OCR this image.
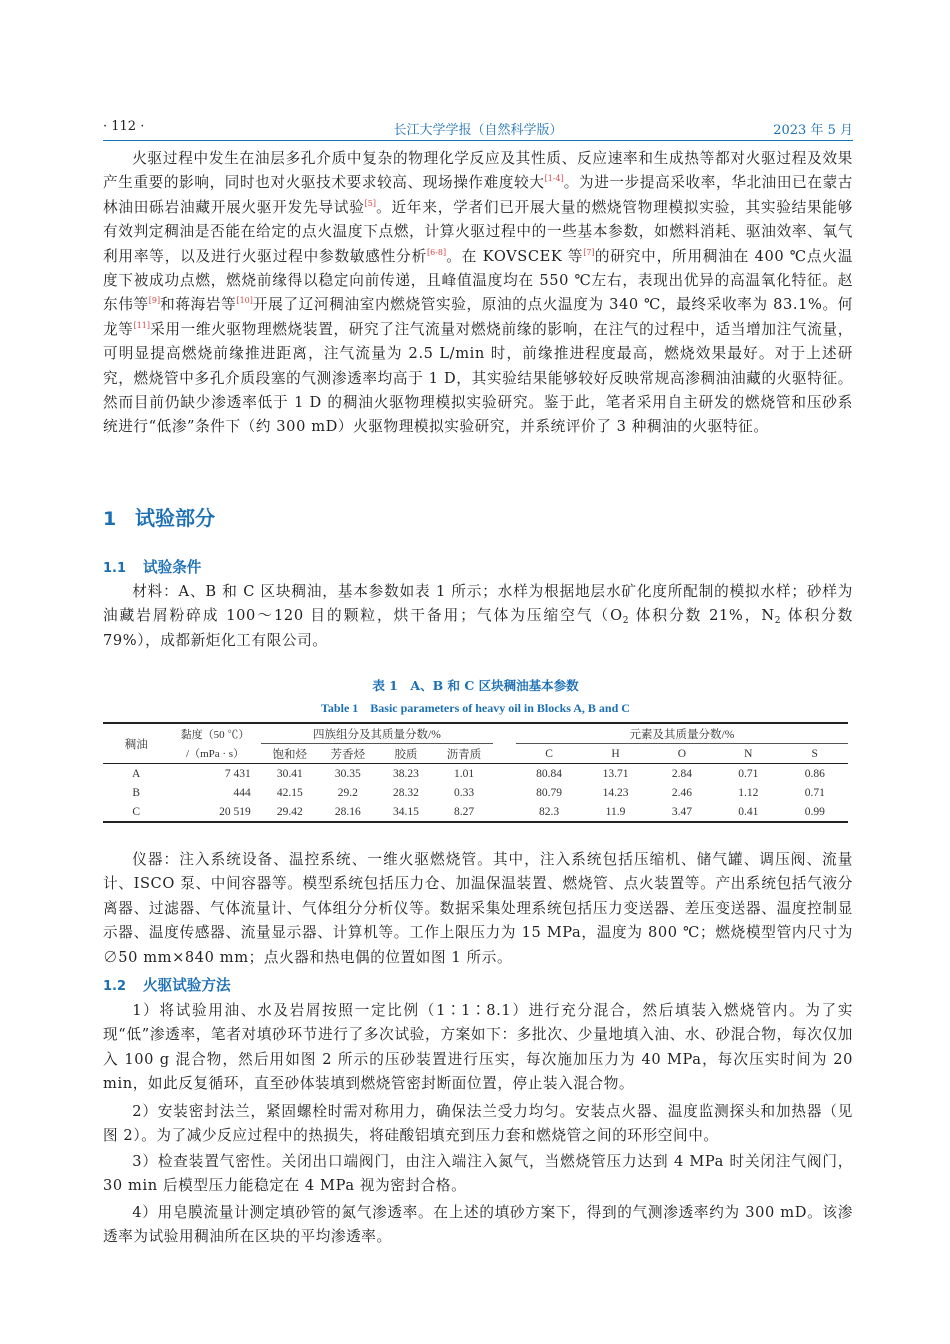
· 112 ·	长江大学学报（自然科学版）	2023 年 5 月

火驱过程中发生在油层多孔介质中复杂的物理化学反应及其性质、反应速率和生成热等都对火驱过程及效果产生重要的影响，同时也对火驱技术要求较高、现场操作难度较大[1-4]。为进一步提高采收率，华北油田已在蒙古林油田砾岩油藏开展火驱开发先导试验[5]。近年来，学者们已开展大量的燃烧管物理模拟实验，其实验结果能够有效判定稠油是否能在给定的点火温度下点燃，计算火驱过程中的一些基本参数，如燃料消耗、驱油效率、氧气利用率等，以及进行火驱过程中参数敏感性分析[6-8]。在 KOVSCEK 等[7]的研究中，所用稠油在 400 ℃点火温度下被成功点燃，燃烧前缘得以稳定向前传递，且峰值温度均在 550 ℃左右，表现出优异的高温氧化特征。赵东伟等[9]和蒋海岩等[10]开展了辽河稠油室内燃烧管实验，原油的点火温度为 340 ℃，最终采收率为 83.1%。何龙等[11]采用一维火驱物理燃烧装置，研究了注气流量对燃烧前缘的影响，在注气的过程中，适当增加注气流量，可明显提高燃烧前缘推进距离，注气流量为 2.5 L/min 时，前缘推进程度最高，燃烧效果最好。对于上述研究，燃烧管中多孔介质段塞的气测渗透率均高于 1 D，其实验结果能够较好反映常规高渗稠油油藏的火驱特征。然而目前仍缺少渗透率低于 1 D 的稠油火驱物理模拟实验研究。鉴于此，笔者采用自主研发的燃烧管和压砂系统进行“低渗”条件下（约 300 mD）火驱物理模拟实验研究，并系统评价了 3 种稠油的火驱特征。

1 试验部分
1.1 试验条件

材料：A、B 和 C 区块稠油，基本参数如表 1 所示；水样为根据地层水矿化度所配制的模拟水样；砂样为油藏岩屑粉碎成 100～120 目的颗粒，烘干备用；气体为压缩空气（$O_2$ 体积分数 21%，$N_2$ 体积分数 79%），成都新炬化工有限公司。

表 1　A、B 和 C 区块稠油基本参数

Table 1　Basic parameters of heavy oil in Blocks A, B and C

稠油	黏度（50 ℃）	四族组分及其质量分数/%					元素及其质量分数/%				
	/（mPa · s）	饱和烃	芳香烃	胶质	沥青质		C	H	O	N	S
A	7 431	30.41	30.35	38.23	1.01		80.84	13.71	2.84	0.71	0.86
B	444	42.15	29.2	28.32	0.33		80.79	14.23	2.46	1.12	0.71
C	20 519	29.42	28.16	34.15	8.27		82.3	11.9	3.47	0.41	0.99

仪器：注入系统设备、温控系统、一维火驱燃烧管。其中，注入系统包括压缩机、储气罐、调压阀、流量计、ISCO 泵、中间容器等。模型系统包括压力仓、加温保温装置、燃烧管、点火装置等。产出系统包括气液分离器、过滤器、气体流量计、气体组分分析仪等。数据采集处理系统包括压力变送器、差压变送器、温度控制显示器、温度传感器、流量显示器、计算机等。工作上限压力为 15 MPa，温度为 800 ℃；燃烧模型管内尺寸为∅50 mm×840 mm；点火器和热电偶的位置如图 1 所示。

1.2 火驱试验方法

1）将试验用油、水及岩屑按照一定比例（1∶1∶8.1）进行充分混合，然后填装入燃烧管内。为了实现“低”渗透率，笔者对填砂环节进行了多次试验，方案如下：多批次、少量地填入油、水、砂混合物，每次仅加入 100 g 混合物，然后用如图 2 所示的压砂装置进行压实，每次施加压力为 40 MPa，每次压实时间为 20 min，如此反复循环，直至砂体装填到燃烧管密封断面位置，停止装入混合物。

2）安装密封法兰，紧固螺栓时需对称用力，确保法兰受力均匀。安装点火器、温度监测探头和加热器（见图 2）。为了减少反应过程中的热损失，将硅酸铝填充到压力套和燃烧管之间的环形空间中。

3）检查装置气密性。关闭出口端阀门，由注入端注入氮气，当燃烧管压力达到 4 MPa 时关闭注气阀门，30 min 后模型压力能稳定在 4 MPa 视为密封合格。

4）用皂膜流量计测定填砂管的氮气渗透率。在上述的填砂方案下，得到的气测渗透率约为 300 mD。该渗透率为试验用稠油所在区块的平均渗透率。
